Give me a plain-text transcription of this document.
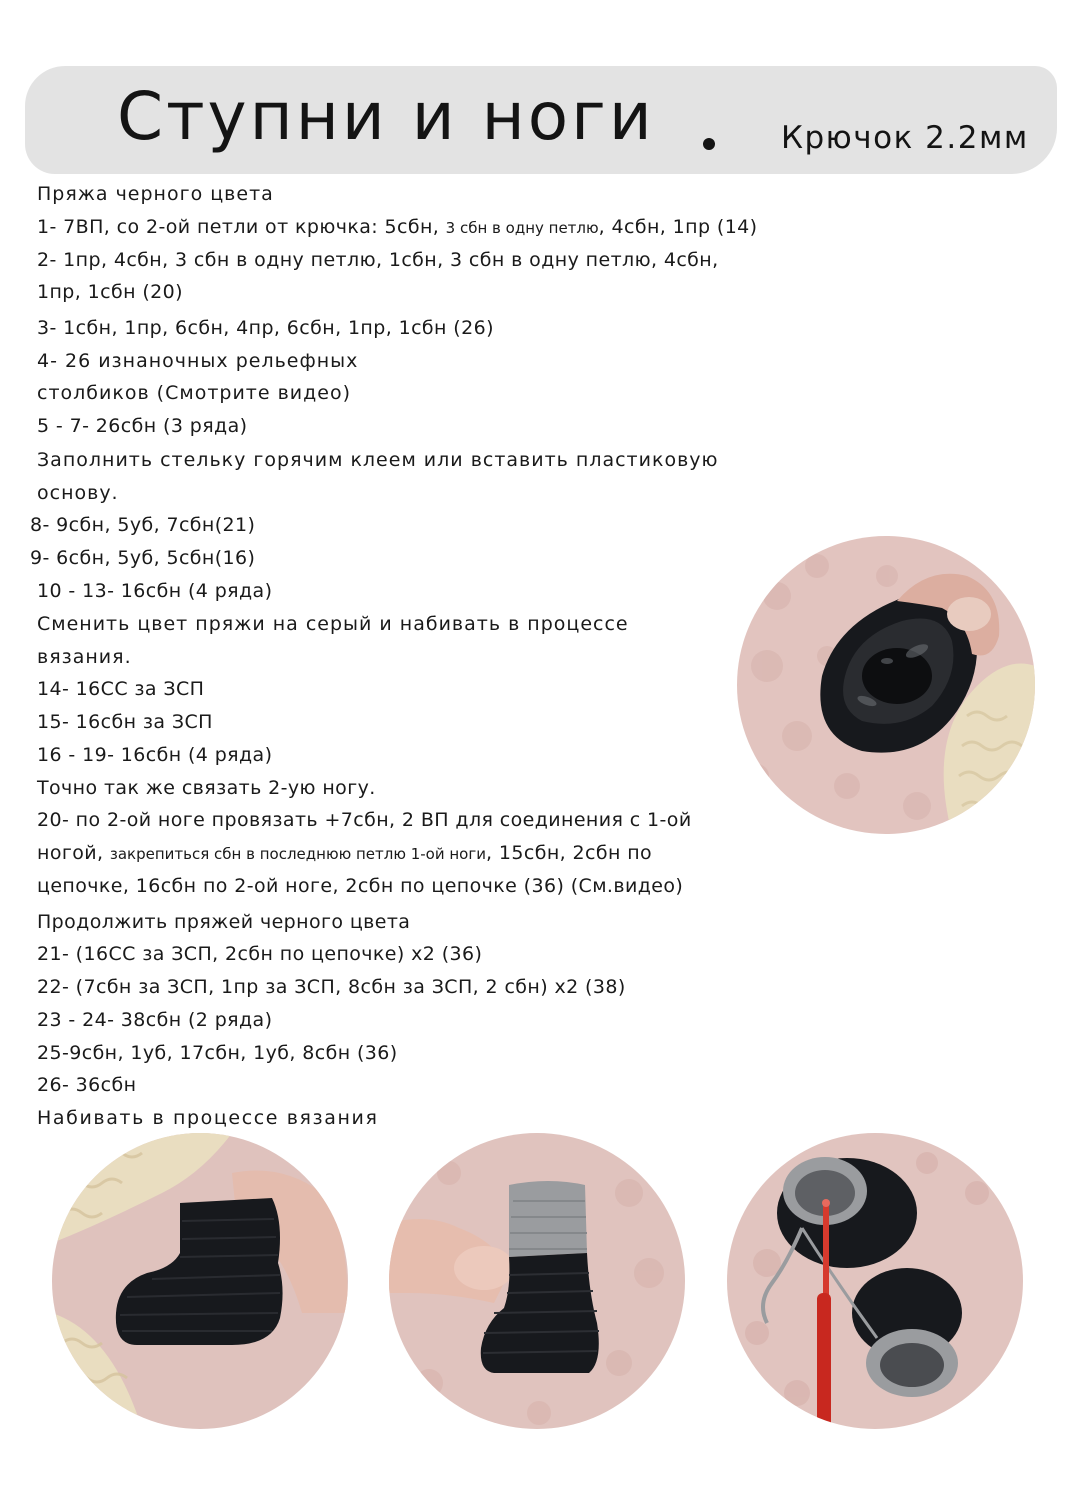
Ступни и ноги	Крючок 2.2мм
Пряжа черного цвета
1- 7ВП, со 2-ой петли от крючка: 5сбн, 3 сбн в одну петлю, 4сбн, 1пр (14)
2- 1пр, 4сбн, 3 сбн в одну петлю, 1сбн, 3 сбн в одну петлю, 4сбн,
1пр, 1сбн (20)
3- 1сбн, 1пр, 6сбн, 4пр, 6сбн, 1пр, 1сбн (26)
4- 26 изнаночных рельефных
столбиков (Смотрите видео)
5 - 7- 26сбн (3 ряда)
Заполнить стельку горячим клеем или вставить пластиковую
основу.
8- 9сбн, 5уб, 7сбн(21)
9- 6сбн, 5уб, 5сбн(16)
10 - 13- 16сбн (4 ряда)
Сменить цвет пряжи на серый и набивать в процессе
вязания.
14- 16СС за ЗСП
15- 16сбн за ЗСП
16 - 19- 16сбн (4 ряда)
Точно так же связать 2-ую ногу.
20- по 2-ой ноге провязать +7сбн, 2 ВП для соединения с 1-ой
ногой, закрепиться сбн в последнюю петлю 1-ой ноги, 15сбн, 2сбн по
цепочке, 16сбн по 2-ой ноге, 2сбн по цепочке (36) (См.видео)
Продолжить пряжей черного цвета
21- (16СС за ЗСП, 2сбн по цепочке) х2 (36)
22- (7сбн за ЗСП, 1пр за ЗСП, 8сбн за ЗСП, 2 сбн) х2 (38)
23 - 24- 38сбн (2 ряда)
25-9сбн, 1уб, 17сбн, 1уб, 8сбн (36)
26- 36сбн
Набивать в процессе вязания
